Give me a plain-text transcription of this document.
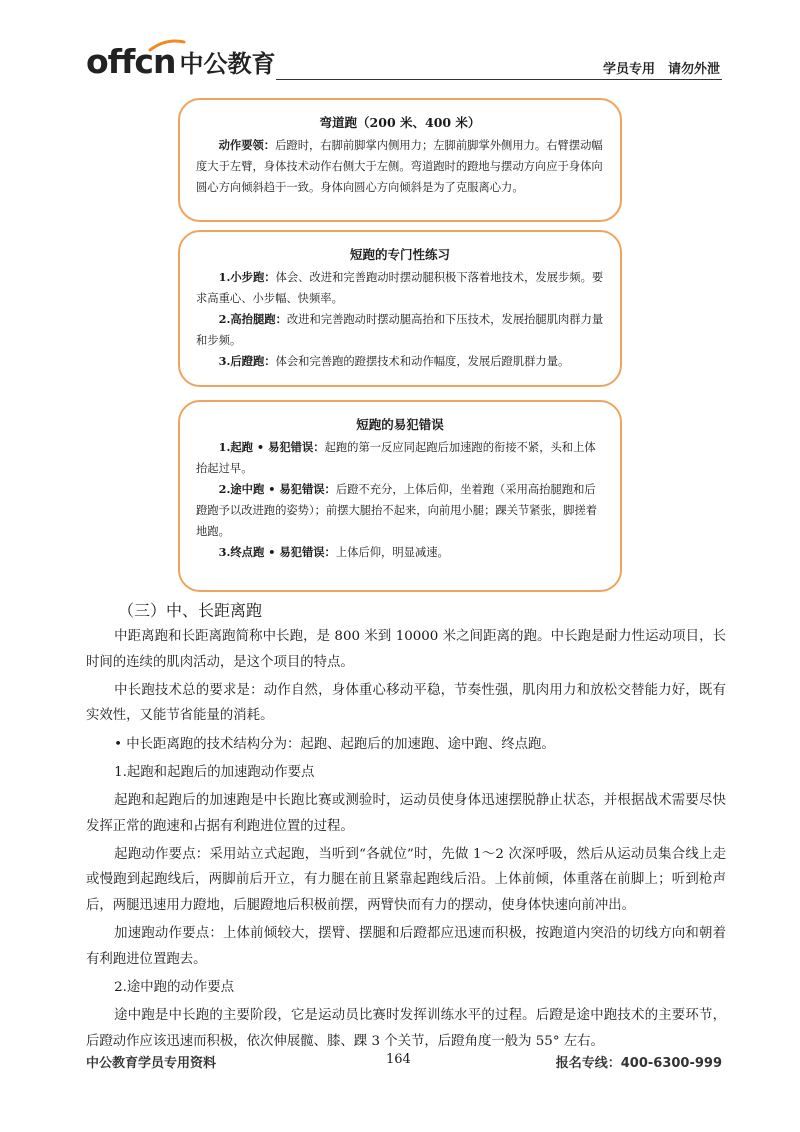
offcn 中公教育	学员专用　请勿外泄
弯道跑（200 米、400 米）

动作要领：后蹬时，右脚前脚掌内侧用力；左脚前脚掌外侧用力。右臂摆动幅度大于左臂，身体技术动作右侧大于左侧。弯道跑时的蹬地与摆动方向应于身体向圆心方向倾斜趋于一致。身体向圆心方向倾斜是为了克服离心力。

短跑的专门性练习

1.小步跑：体会、改进和完善跑动时摆动腿积极下落着地技术，发展步频。要求高重心、小步幅、快频率。

2.高抬腿跑：改进和完善跑动时摆动腿高抬和下压技术，发展抬腿肌肉群力量和步频。

3.后蹬跑：体会和完善跑的蹬摆技术和动作幅度，发展后蹬肌群力量。

短跑的易犯错误

1.起跑 • 易犯错误：起跑的第一反应同起跑后加速跑的衔接不紧，头和上体抬起过早。

2.途中跑 • 易犯错误：后蹬不充分，上体后仰，坐着跑（采用高抬腿跑和后蹬跑予以改进跑的姿势）；前摆大腿抬不起来，向前甩小腿；踝关节紧张，脚搓着地跑。

3.终点跑 • 易犯错误：上体后仰，明显减速。

（三）中、长距离跑

中距离跑和长距离跑简称中长跑，是 800 米到 10000 米之间距离的跑。中长跑是耐力性运动项目，长时间的连续的肌肉活动，是这个项目的特点。

中长跑技术总的要求是：动作自然，身体重心移动平稳，节奏性强，肌肉用力和放松交替能力好，既有实效性，又能节省能量的消耗。

• 中长距离跑的技术结构分为：起跑、起跑后的加速跑、途中跑、终点跑。

1.起跑和起跑后的加速跑动作要点

起跑和起跑后的加速跑是中长跑比赛或测验时，运动员使身体迅速摆脱静止状态，并根据战术需要尽快发挥正常的跑速和占据有利跑进位置的过程。

起跑动作要点：采用站立式起跑，当听到“各就位”时，先做 1～2 次深呼吸，然后从运动员集合线上走或慢跑到起跑线后，两脚前后开立，有力腿在前且紧靠起跑线后沿。上体前倾，体重落在前脚上；听到枪声后，两腿迅速用力蹬地，后腿蹬地后积极前摆，两臂快而有力的摆动，使身体快速向前冲出。

加速跑动作要点：上体前倾较大，摆臂、摆腿和后蹬都应迅速而积极，按跑道内突沿的切线方向和朝着有利跑进位置跑去。

2.途中跑的动作要点

途中跑是中长跑的主要阶段，它是运动员比赛时发挥训练水平的过程。后蹬是途中跑技术的主要环节，后蹬动作应该迅速而积极，依次伸展髋、膝、踝 3 个关节，后蹬角度一般为 55° 左右。

中公教育学员专用资料	164	报名专线：400-6300-999
